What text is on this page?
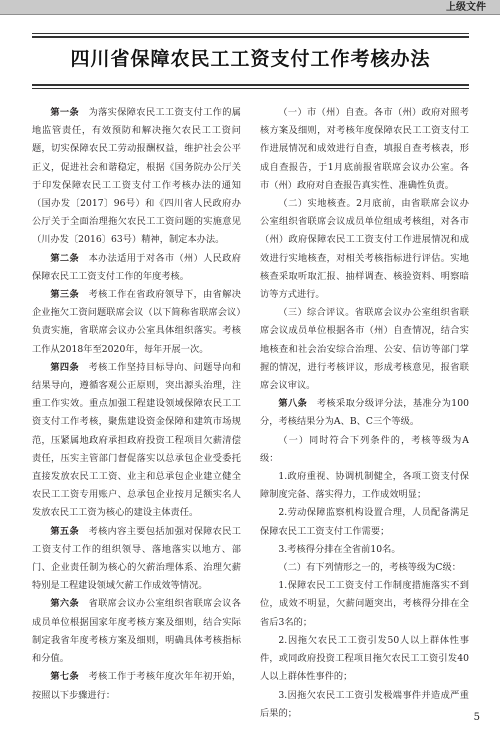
上级文件
四川省保障农民工工资支付工作考核办法

第一条　 为落实保障农民工工资支付工作的属地监管责任，有效预防和解决拖欠农民工工资问题，切实保障农民工劳动报酬权益，维护社会公平正义，促进社会和谐稳定，根据《国务院办公厅关于印发保障农民工工资支付工作考核办法的通知（国办发〔2017〕96号）和《四川省人民政府办公厅关于全面治理拖欠农民工工资问题的实施意见（川办发〔2016〕63号）精神，制定本办法。

第二条　 本办法适用于对各市（州）人民政府保障农民工工资支付工作的年度考核。

第三条　 考核工作在省政府领导下，由省解决企业拖欠工资问题联席会议（以下简称省联席会议）负责实施，省联席会议办公室具体组织落实。考核工作从2018年至2020年，每年开展一次。

第四条　 考核工作坚持目标导向、问题导向和结果导向，遵循客观公正原则，突出源头治理，注重工作实效。重点加强工程建设领域保障农民工工资支付工作考核，聚焦建设资金保障和建筑市场规范，压紧属地政府承担政府投资工程项目欠薪清偿责任，压实主管部门督促落实以总承包企业受委托直接发放农民工工资、业主和总承包企业建立健全农民工工资专用账户、总承包企业按月足额实名人发放农民工工资为核心的建设主体责任。

第五条　 考核内容主要包括加强对保障农民工工资支付工作的组织领导、落地落实以地方、部门、企业责任制为核心的欠薪治理体系、治理欠薪特别是工程建设领域欠薪工作成效等情况。

第六条　 省联席会议办公室组织省联席会议各成员单位根据国家年度考核方案及细则，结合实际制定我省年度考核方案及细则，明确具体考核指标和分值。

第七条　 考核工作于考核年度次年年初开始，按照以下步骤进行：

（一）市（州）自查。各市（州）政府对照考核方案及细则，对考核年度保障农民工工资支付工作进展情况和成效进行自查，填报自查考核表，形成自查报告，于1月底前报省联席会议办公室。各市（州）政府对自查报告真实性、准确性负责。

（二）实地核查。2月底前，由省联席会议办公室组织省联席会议成员单位组成考核组，对各市（州）政府保障农民工工资支付工作进展情况和成效进行实地核查，对相关考核指标进行评估。实地核查采取听取汇报、抽样调查、核验资料、明察暗访等方式进行。

（三）综合评议。省联席会议办公室组织省联席会议成员单位根据各市（州）自查情况，结合实地核查和社会治安综合治理、公安、信访等部门掌握的情况，进行考核评议，形成考核意见，报省联席会议审议。

第八条　 考核采取分级评分法，基准分为100分，考核结果分为A、B、C三个等级。

（一）同时符合下列条件的，考核等级为A级：

1.政府重视、协调机制健全，各项工资支付保障制度完备、落实得力，工作成效明显；

2.劳动保障监察机构设置合理，人员配备满足保障农民工工资支付工作需要；

3.考核得分排在全省前10名。

（二）有下列情形之一的，考核等级为C级：

1.保障农民工工资支付工作制度措施落实不到位，成效不明显，欠薪问题突出，考核得分排在全省后3名的；

2.因拖欠农民工工资引发50人以上群体性事件，或同政府投资工程项目拖欠农民工工资引发40人以上群体性事件的；

3.因拖欠农民工工资引发极端事件并造成严重后果的；	5
